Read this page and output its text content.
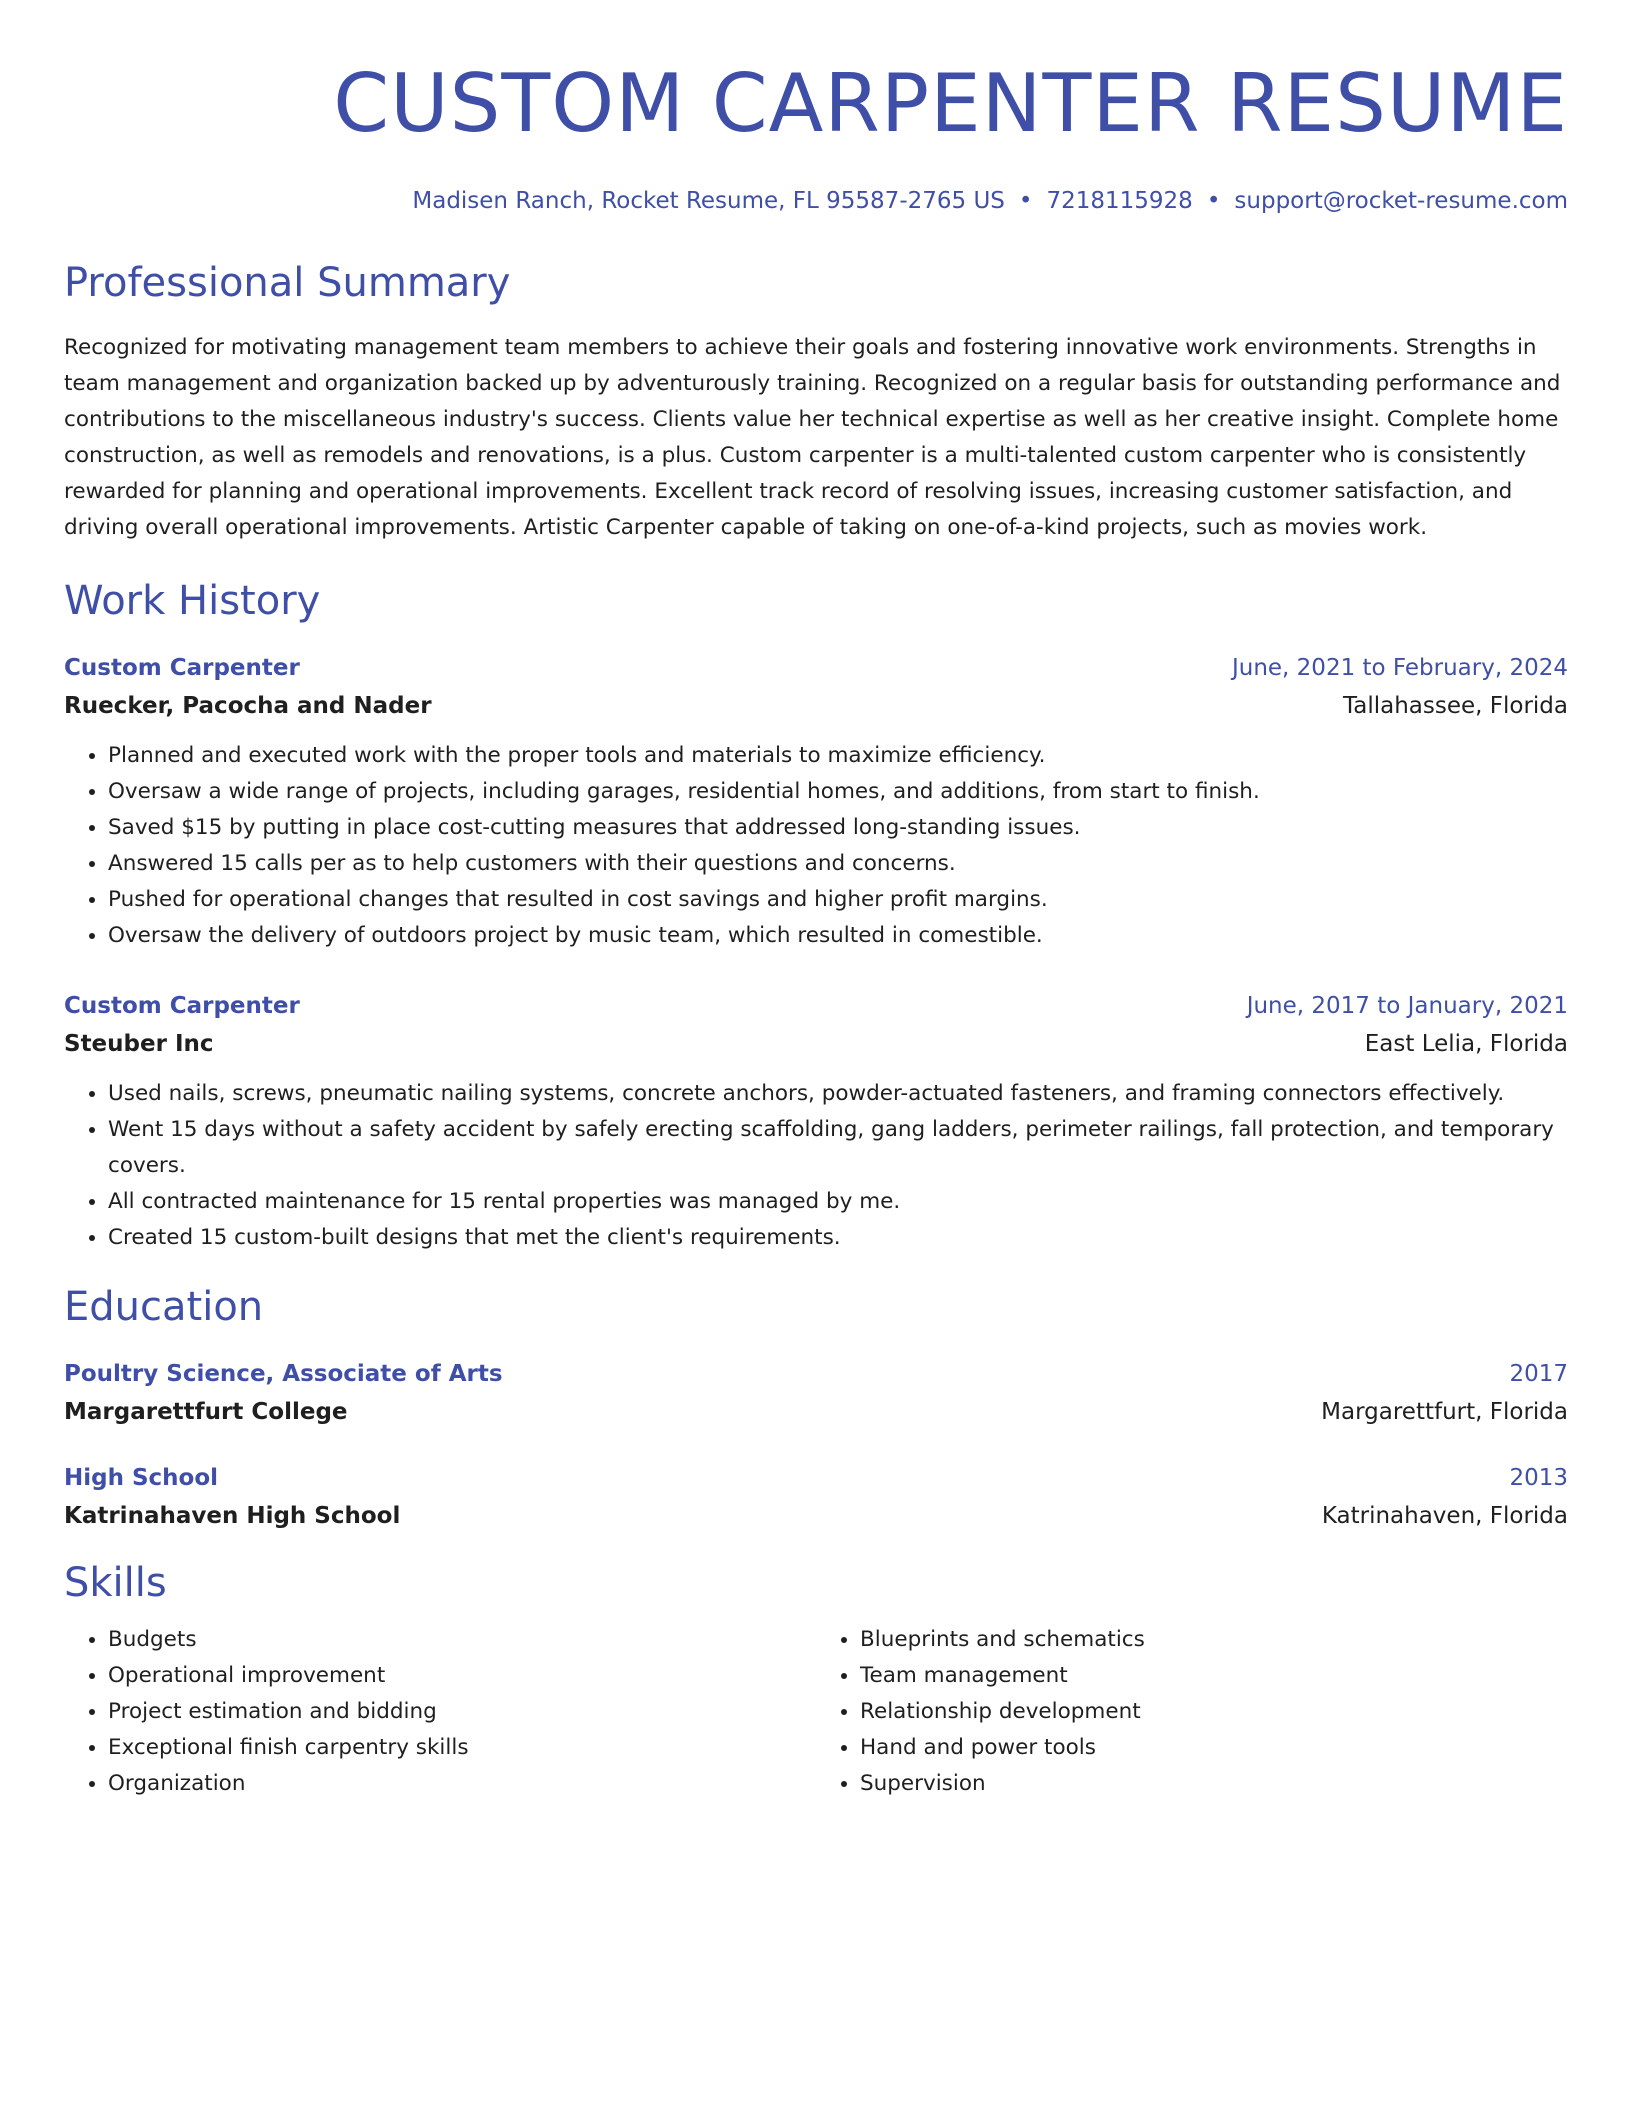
CUSTOM CARPENTER RESUME
Madisen Ranch, Rocket Resume, FL 95587-2765 US • 7218115928 • support@rocket-resume.com
Professional Summary

Recognized for motivating management team members to achieve their goals and fostering innovative work environments. Strengths in team management and organization backed up by adventurously training. Recognized on a regular basis for outstanding performance and contributions to the miscellaneous industry's success. Clients value her technical expertise as well as her creative insight. Complete home construction, as well as remodels and renovations, is a plus. Custom carpenter is a multi-talented custom carpenter who is consistently rewarded for planning and operational improvements. Excellent track record of resolving issues, increasing customer satisfaction, and driving overall operational improvements. Artistic Carpenter capable of taking on one-of-a-kind projects, such as movies work.

Work History
Custom Carpenter	June, 2021 to February, 2024
Ruecker, Pacocha and Nader	Tallahassee, Florida
• Planned and executed work with the proper tools and materials to maximize efficiency.
• Oversaw a wide range of projects, including garages, residential homes, and additions, from start to finish.
• Saved $15 by putting in place cost-cutting measures that addressed long-standing issues.
• Answered 15 calls per as to help customers with their questions and concerns.
• Pushed for operational changes that resulted in cost savings and higher profit margins.
• Oversaw the delivery of outdoors project by music team, which resulted in comestible.
Custom Carpenter	June, 2017 to January, 2021
Steuber Inc	East Lelia, Florida
• Used nails, screws, pneumatic nailing systems, concrete anchors, powder-actuated fasteners, and framing connectors effectively.
• Went 15 days without a safety accident by safely erecting scaffolding, gang ladders, perimeter railings, fall protection, and temporary covers.
• All contracted maintenance for 15 rental properties was managed by me.
• Created 15 custom-built designs that met the client's requirements.
Education
Poultry Science, Associate of Arts	2017
Margarettfurt College	Margarettfurt, Florida
High School	2013
Katrinahaven High School	Katrinahaven, Florida
Skills
• Budgets
• Operational improvement
• Project estimation and bidding
• Exceptional finish carpentry skills
• Organization
• Blueprints and schematics
• Team management
• Relationship development
• Hand and power tools
• Supervision
